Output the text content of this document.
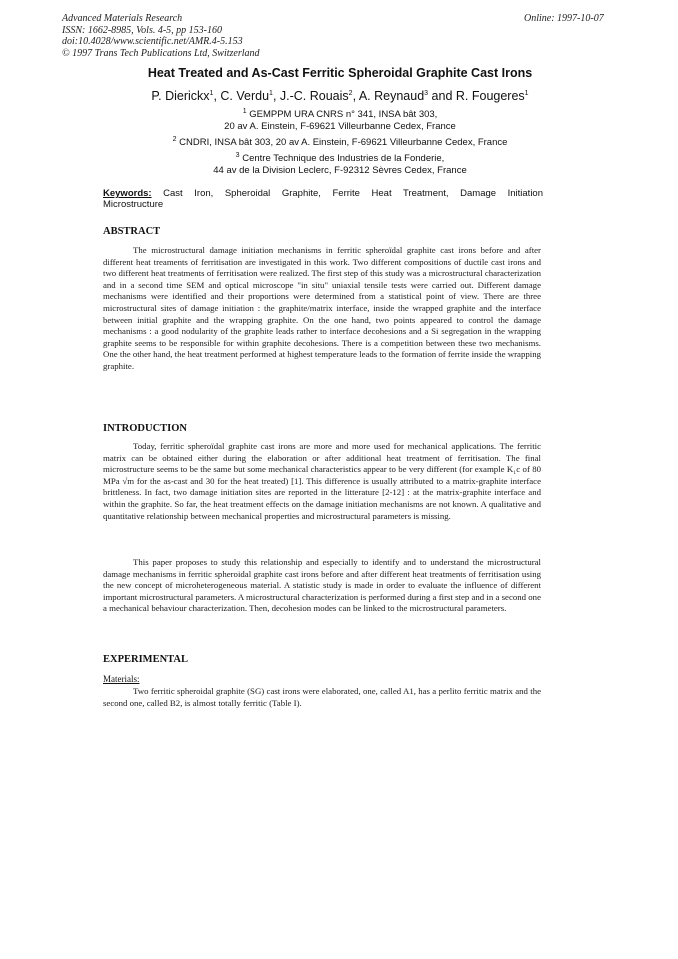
Advanced Materials Research
ISSN: 1662-8985, Vols. 4-5, pp 153-160
doi:10.4028/www.scientific.net/AMR.4-5.153
© 1997 Trans Tech Publications Ltd, Switzerland
Online: 1997-10-07
Heat Treated and As-Cast Ferritic Spheroidal Graphite Cast Irons
P. Dierickx$^1$, C. Verdu$^1$, J.-C. Rouais$^2$, A. Reynaud$^3$ and R. Fougeres$^1$
$^1$ GEMPPM URA CNRS n° 341, INSA bât 303,
20 av A. Einstein, F-69621 Villeurbanne Cedex, France
$^2$ CNDRI, INSA bât 303, 20 av A. Einstein, F-69621 Villeurbanne Cedex, France
$^3$ Centre Technique des Industries de la Fonderie,
44 av de la Division Leclerc, F-92312 Sèvres Cedex, France
Keywords: Cast Iron, Spheroidal Graphite, Ferrite Heat Treatment, Damage Initiation
Microstructure
ABSTRACT
The microstructural damage initiation mechanisms in ferritic spheroïdal graphite cast irons before and after different heat treaments of ferritisation are investigated in this work. Two different compositions of ductile cast irons and two different heat treatments of ferritisation were realized. The first step of this study was a microstructural characterization and in a second time SEM and optical microscope "in situ" uniaxial tensile tests were carried out. Different damage mechanisms were identified and their proportions were determined from a statistical point of view. There are three microstructural sites of damage initiation : the graphite/matrix interface, inside the wrapped graphite and the interface between initial graphite and the wrapping graphite. On the one hand, two points appeared to control the damage mechanisms : a good nodularity of the graphite leads rather to interface decohesions and a Si segregation in the wrapping graphite seems to be responsible for within graphite decohesions. There is a competition between these two mechanisms. One the other hand, the heat treatment performed at highest temperature leads to the formation of ferrite inside the wrapping graphite.
INTRODUCTION
Today, ferritic spheroïdal graphite cast irons are more and more used for mechanical applications. The ferritic matrix can be obtained either during the elaboration or after additional heat treatment of ferritisation. The final microstructure seems to be the same but some mechanical characteristics appear to be very different (for example K₁c of 80 MPa √m for the as-cast and 30 for the heat treated) [1]. This difference is usually attributed to a matrix-graphite interface brittleness. In fact, two damage initiation sites are reported in the litterature [2-12] : at the matrix-graphite interface and within the graphite. So far, the heat treatment effects on the damage initiation mechanisms are not known. A qualitative and quantitative relationship between mechanical properties and microstructural parameters is missing.
This paper proposes to study this relationship and especially to identify and to understand the microstructural damage mechanisms in ferritic spheroidal graphite cast irons before and after different heat treatments of ferritisation using the new concept of microheterogeneous material. A statistic study is made in order to evaluate the influence of different important microstructural parameters. A microstructural characterization is performed during a first step and in a second one a mechanical behaviour characterization. Then, decohesion modes can be linked to the microstructural parameters.
EXPERIMENTAL
Materials:
Two ferritic spheroidal graphite (SG) cast irons were elaborated, one, called A1, has a perlito ferritic matrix and the second one, called B2, is almost totally ferritic (Table I).
